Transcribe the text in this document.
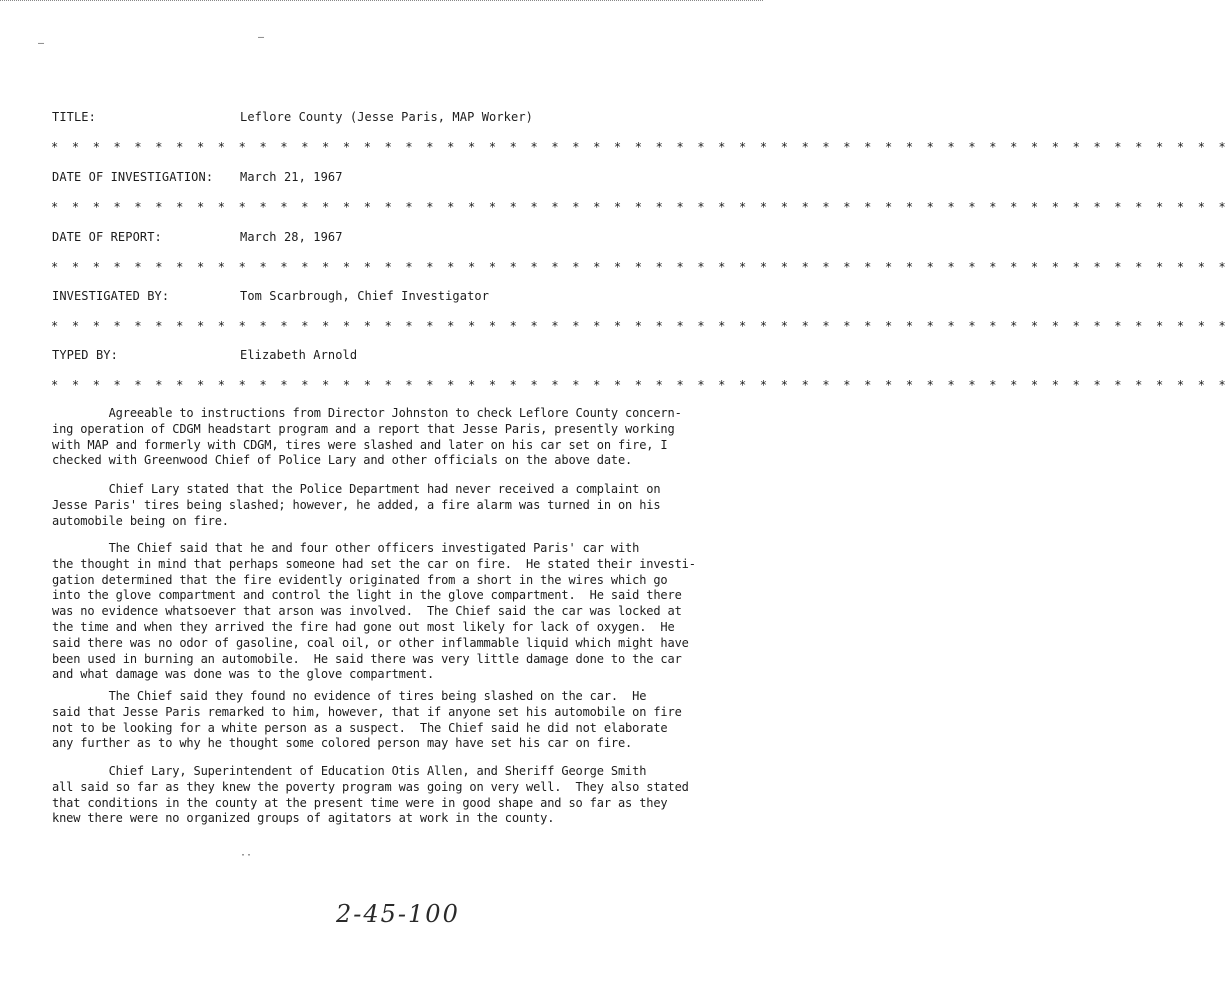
–
–
TITLE:	Leflore County (Jesse Paris, MAP Worker)
* * * * * * * * * * * * * * * * * * * * * * * * * * * * * * * * * * * * * * * * * * * * * * * * * * * * * * * * *
DATE OF INVESTIGATION: March 21, 1967
* * * * * * * * * * * * * * * * * * * * * * * * * * * * * * * * * * * * * * * * * * * * * * * * * * * * * * * * *
DATE OF REPORT:	March 28, 1967
* * * * * * * * * * * * * * * * * * * * * * * * * * * * * * * * * * * * * * * * * * * * * * * * * * * * * * * * *
INVESTIGATED BY:	Tom Scarbrough, Chief Investigator
* * * * * * * * * * * * * * * * * * * * * * * * * * * * * * * * * * * * * * * * * * * * * * * * * * * * * * * * *
TYPED BY:	Elizabeth Arnold
* * * * * * * * * * * * * * * * * * * * * * * * * * * * * * * * * * * * * * * * * * * * * * * * * * * * * * * * *
Agreeable to instructions from Director Johnston to check Leflore County concern-
ing operation of CDGM headstart program and a report that Jesse Paris, presently working
with MAP and formerly with CDGM, tires were slashed and later on his car set on fire, I
checked with Greenwood Chief of Police Lary and other officials on the above date.
Chief Lary stated that the Police Department had never received a complaint on
Jesse Paris' tires being slashed; however, he added, a fire alarm was turned in on his
automobile being on fire.
The Chief said that he and four other officers investigated Paris' car with
the thought in mind that perhaps someone had set the car on fire.  He stated their investi-
gation determined that the fire evidently originated from a short in the wires which go
into the glove compartment and control the light in the glove compartment.  He said there
was no evidence whatsoever that arson was involved.  The Chief said the car was locked at
the time and when they arrived the fire had gone out most likely for lack of oxygen.  He
said there was no odor of gasoline, coal oil, or other inflammable liquid which might have
been used in burning an automobile.  He said there was very little damage done to the car
and what damage was done was to the glove compartment.
The Chief said they found no evidence of tires being slashed on the car.  He
said that Jesse Paris remarked to him, however, that if anyone set his automobile on fire
not to be looking for a white person as a suspect.  The Chief said he did not elaborate
any further as to why he thought some colored person may have set his car on fire.
Chief Lary, Superintendent of Education Otis Allen, and Sheriff George Smith
all said so far as they knew the poverty program was going on very well.  They also stated
that conditions in the county at the present time were in good shape and so far as they
knew there were no organized groups of agitators at work in the county.
··
2-45-100
